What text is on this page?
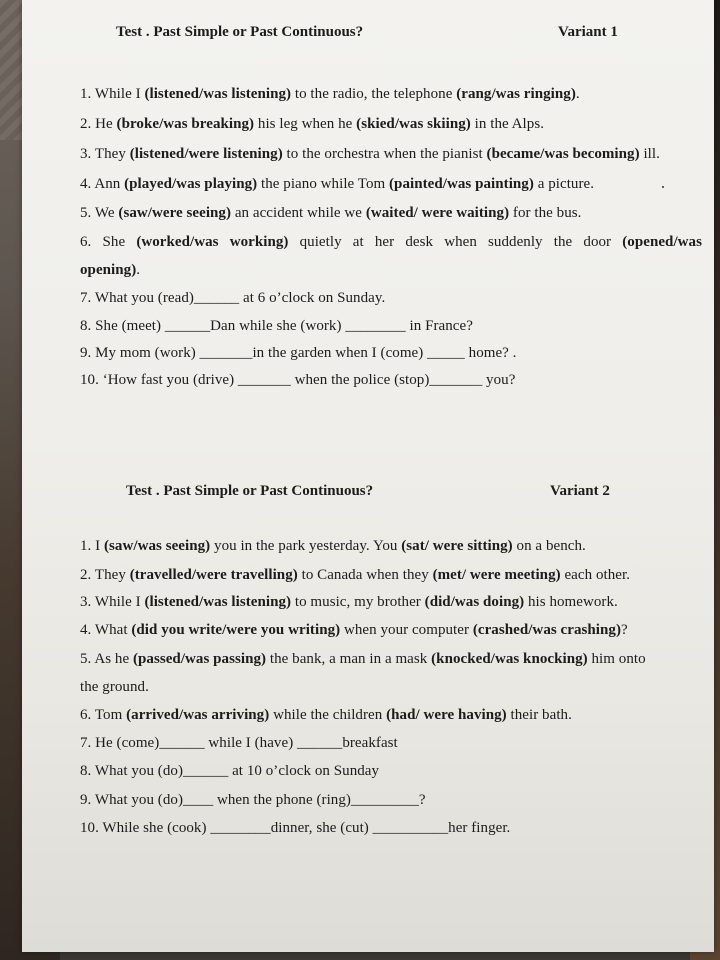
Test . Past Simple or Past Continuous?	Variant 1
1. While I (listened/was listening) to the radio, the telephone (rang/was ringing).
2. He (broke/was breaking) his leg when he (skied/was skiing) in the Alps.
3. They (listened/were listening) to the orchestra when the pianist (became/was becoming) ill.
4. Ann (played/was playing) the piano while Tom (painted/was painting) a picture.
5. We (saw/were seeing) an accident while we (waited/ were waiting) for the bus.
6. She (worked/was working) quietly at her desk when suddenly the door (opened/was
opening).
7. What you (read)______ at 6 o’clock on Sunday.
8. She (meet) ______Dan while she (work) ________ in France?
9. My mom (work) _______in the garden when I (come) _____ home? .
10. ‘How fast you (drive) _______ when the police (stop)_______ you?
Test . Past Simple or Past Continuous?	Variant 2
1. I (saw/was seeing) you in the park yesterday. You (sat/ were sitting) on a bench.
2. They (travelled/were travelling) to Canada when they (met/ were meeting) each other.
3. While I (listened/was listening) to music, my brother (did/was doing) his homework.
4. What (did you write/were you writing) when your computer (crashed/was crashing)?
5. As he (passed/was passing) the bank, a man in a mask (knocked/was knocking) him onto
the ground.
6. Tom (arrived/was arriving) while the children (had/ were having) their bath.
7. He (come)______ while I (have) ______breakfast
8. What you (do)______ at 10 o’clock on Sunday
9. What you (do)____ when the phone (ring)_________?
10. While she (cook) ________dinner, she (cut) __________her finger.
